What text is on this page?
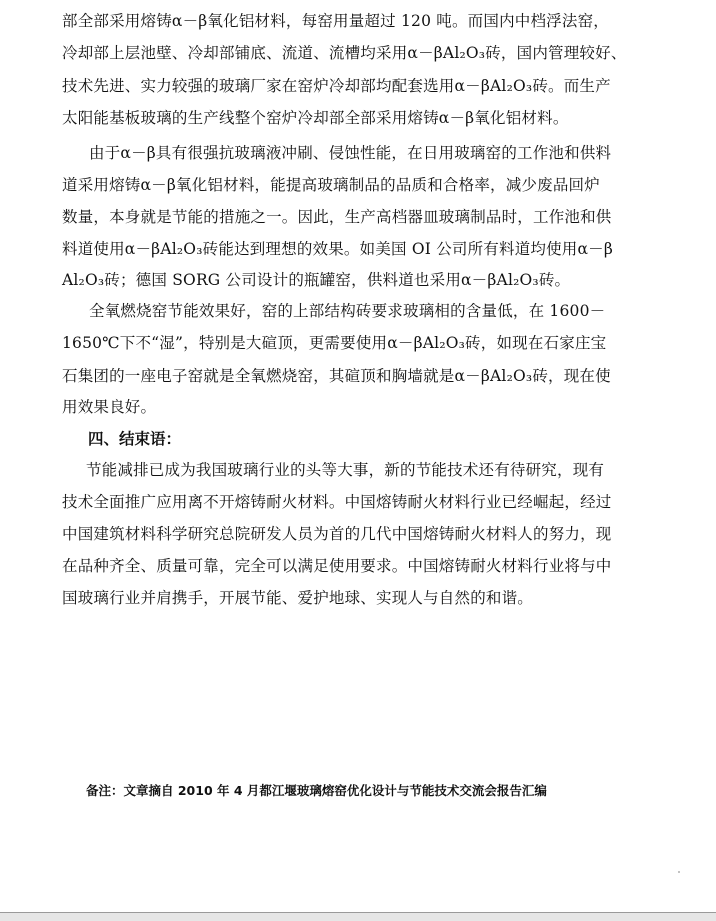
部全部采用熔铸α－β氧化铝材料，每窑用量超过 120 吨。而国内中档浮法窑，
冷却部上层池壁、冷却部铺底、流道、流槽均采用α－βAl₂O₃砖，国内管理较好、
技术先进、实力较强的玻璃厂家在窑炉冷却部均配套选用α－βAl₂O₃砖。而生产
太阳能基板玻璃的生产线整个窑炉冷却部全部采用熔铸α－β氧化铝材料。
由于α－β具有很强抗玻璃液冲刷、侵蚀性能，在日用玻璃窑的工作池和供料
道采用熔铸α－β氧化铝材料，能提高玻璃制品的品质和合格率，减少废品回炉
数量，本身就是节能的措施之一。因此，生产高档器皿玻璃制品时，工作池和供
料道使用α－βAl₂O₃砖能达到理想的效果。如美国 OI 公司所有料道均使用α－β
Al₂O₃砖；德国 SORG 公司设计的瓶罐窑，供料道也采用α－βAl₂O₃砖。
全氧燃烧窑节能效果好，窑的上部结构砖要求玻璃相的含量低，在 1600－
1650℃下不“湿”，特别是大碹顶，更需要使用α－βAl₂O₃砖，如现在石家庄宝
石集团的一座电子窑就是全氧燃烧窑，其碹顶和胸墙就是α－βAl₂O₃砖，现在使
用效果良好。
四、结束语：
节能减排已成为我国玻璃行业的头等大事，新的节能技术还有待研究，现有
技术全面推广应用离不开熔铸耐火材料。中国熔铸耐火材料行业已经崛起，经过
中国建筑材料科学研究总院研发人员为首的几代中国熔铸耐火材料人的努力，现
在品种齐全、质量可靠，完全可以满足使用要求。中国熔铸耐火材料行业将与中
国玻璃行业并肩携手，开展节能、爱护地球、实现人与自然的和谐。
备注：文章摘自 2010 年 4 月都江堰玻璃熔窑优化设计与节能技术交流会报告汇编
